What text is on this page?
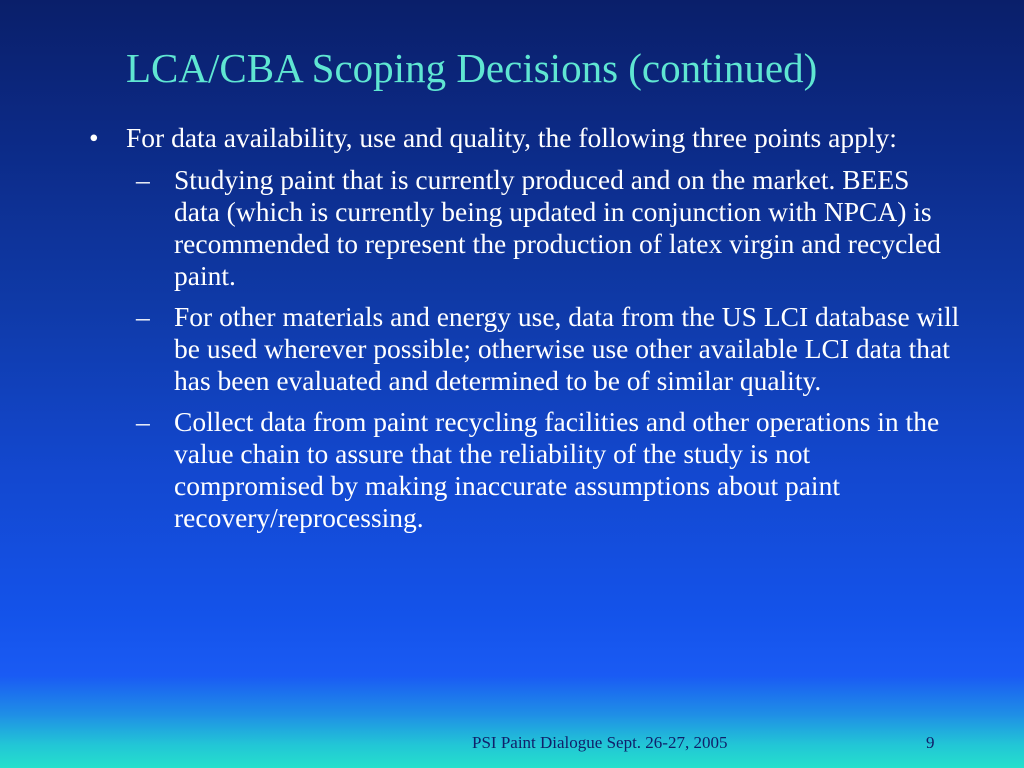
LCA/CBA Scoping Decisions (continued)
• For data availability, use and quality, the following three points apply:
– Studying paint that is currently produced and on the market. BEES data (which is currently being updated in conjunction with NPCA) is recommended to represent the production of latex virgin and recycled paint.
– For other materials and energy use, data from the US LCI database will be used wherever possible; otherwise use other available LCI data that has been evaluated and determined to be of similar quality.
– Collect data from paint recycling facilities and other operations in the value chain to assure that the reliability of the study is not compromised by making inaccurate assumptions about paint recovery/reprocessing.
PSI Paint Dialogue Sept. 26-27, 2005	9
